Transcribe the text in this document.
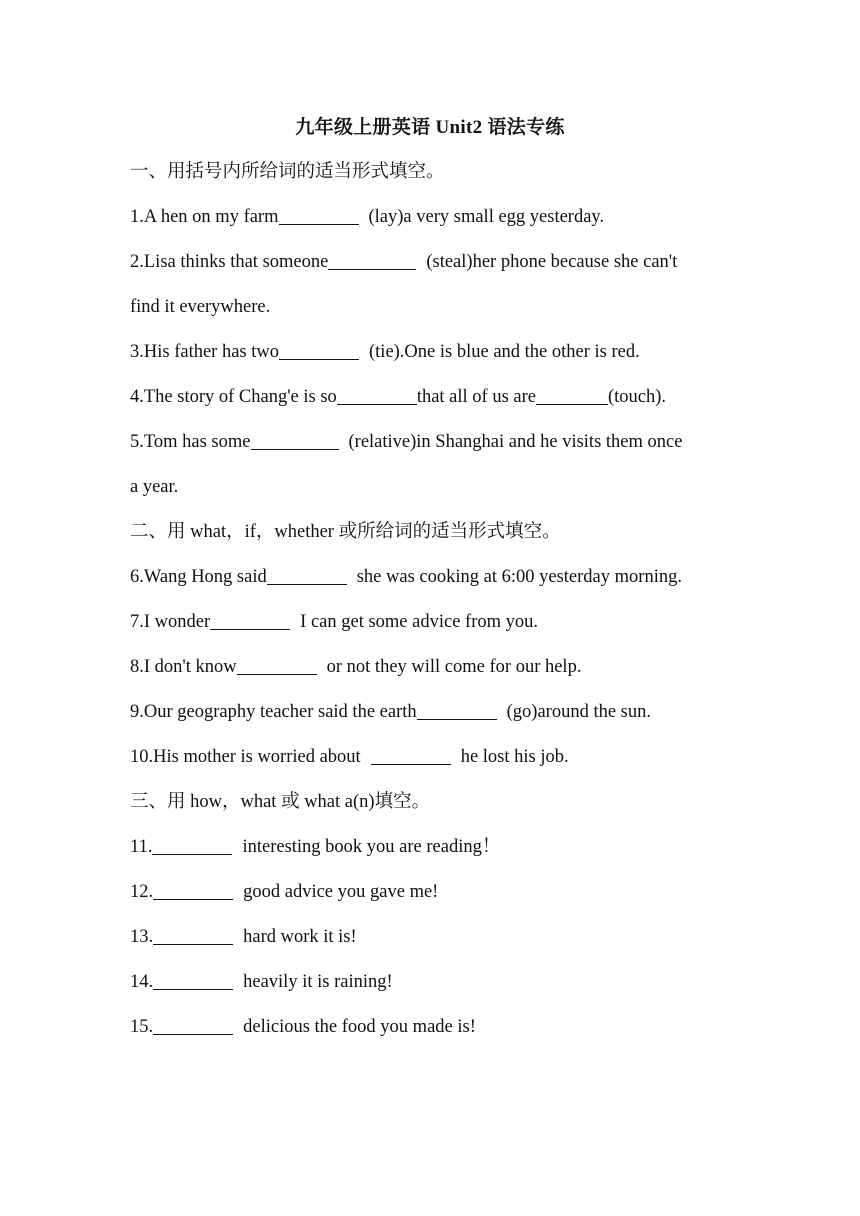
九年级上册英语 Unit2 语法专练
一、用括号内所给词的适当形式填空。
1.A hen on my farm	(lay)a very small egg yesterday.
2.Lisa thinks that someone	(steal)her phone because she can't
find it everywhere.
3.His father has two	(tie).One is blue and the other is red.
4.The story of Chang'e is so	that all of us are	(touch).
5.Tom has some	(relative)in Shanghai and he visits them once
a year.
二、用 what，if，whether 或所给词的适当形式填空。
6.Wang Hong said	she was cooking at 6:00 yesterday morning.
7.I wonder	I can get some advice from you.
8.I don't know	or not they will come for our help.
9.Our geography teacher said the earth	(go)around the sun.
10.His mother is worried about	he lost his job.
三、用 how，what 或 what a(n)填空。
11.	interesting book you are reading！
12.	good advice you gave me!
13.	hard work it is!
14.	heavily it is raining!
15.	delicious the food you made is!
